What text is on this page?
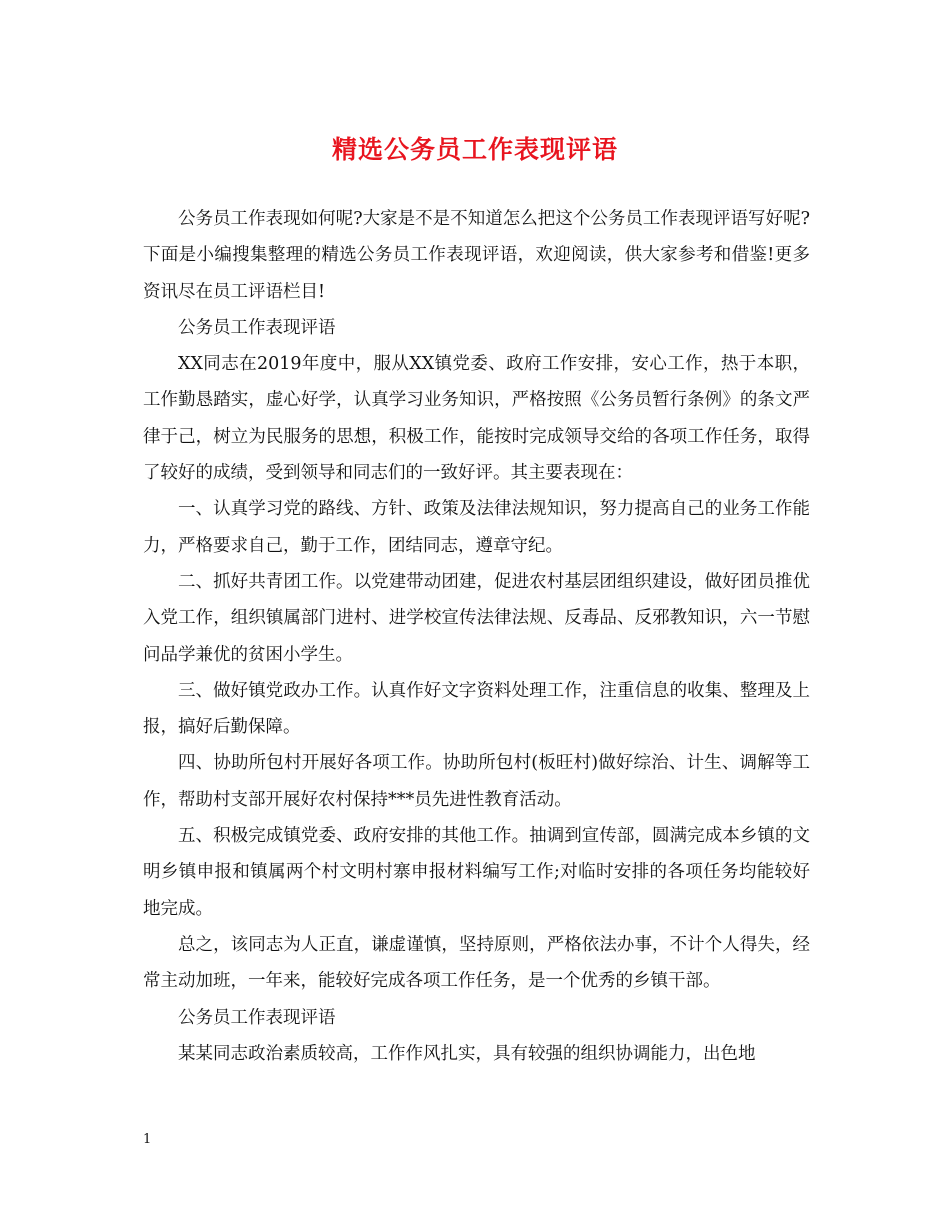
精选公务员工作表现评语

公务员工作表现如何呢?大家是不是不知道怎么把这个公务员工作表现评语写好呢?下面是小编搜集整理的精选公务员工作表现评语，欢迎阅读，供大家参考和借鉴!更多资讯尽在员工评语栏目!

公务员工作表现评语

XX同志在2019年度中，服从XX镇党委、政府工作安排，安心工作，热于本职，工作勤恳踏实，虚心好学，认真学习业务知识，严格按照《公务员暂行条例》的条文严律于己，树立为民服务的思想，积极工作，能按时完成领导交给的各项工作任务，取得了较好的成绩，受到领导和同志们的一致好评。其主要表现在：

一、认真学习党的路线、方针、政策及法律法规知识，努力提高自己的业务工作能力，严格要求自己，勤于工作，团结同志，遵章守纪。

二、抓好共青团工作。以党建带动团建，促进农村基层团组织建设，做好团员推优入党工作，组织镇属部门进村、进学校宣传法律法规、反毒品、反邪教知识，六一节慰问品学兼优的贫困小学生。

三、做好镇党政办工作。认真作好文字资料处理工作，注重信息的收集、整理及上报，搞好后勤保障。

四、协助所包村开展好各项工作。协助所包村(板旺村)做好综治、计生、调解等工作，帮助村支部开展好农村保持***员先进性教育活动。

五、积极完成镇党委、政府安排的其他工作。抽调到宣传部，圆满完成本乡镇的文明乡镇申报和镇属两个村文明村寨申报材料编写工作;对临时安排的各项任务均能较好地完成。

总之，该同志为人正直，谦虚谨慎，坚持原则，严格依法办事，不计个人得失，经常主动加班，一年来，能较好完成各项工作任务，是一个优秀的乡镇干部。

公务员工作表现评语

某某同志政治素质较高，工作作风扎实，具有较强的组织协调能力，出色地

1
